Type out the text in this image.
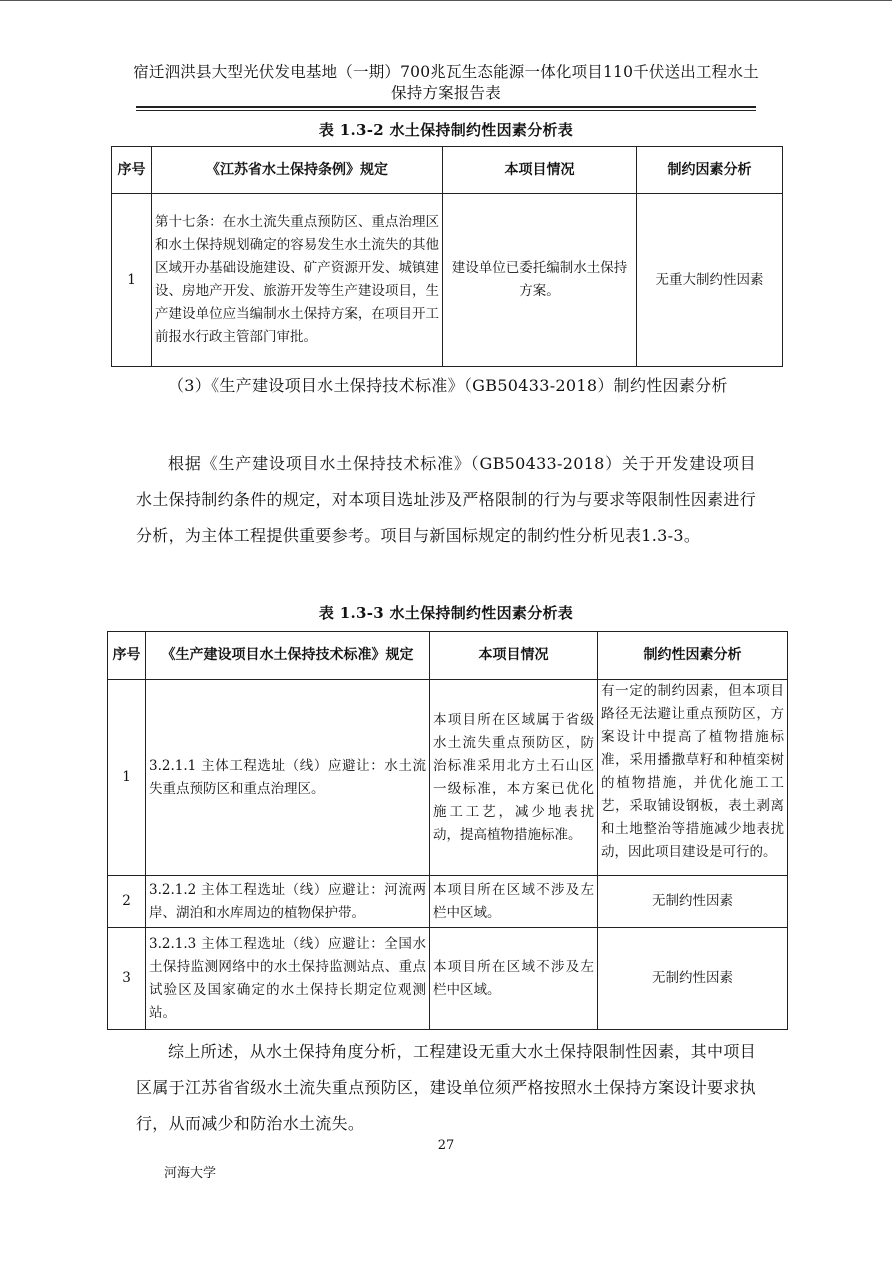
宿迁泗洪县大型光伏发电基地（一期）700兆瓦生态能源一体化项目110千伏送出工程水土
保持方案报告表
表 1.3-2 水土保持制约性因素分析表
序号	《江苏省水土保持条例》规定	本项目情况	制约因素分析
1	第十七条：在水土流失重点预防区、重点治理区和水土保持规划确定的容易发生水土流失的其他区域开办基础设施建设、矿产资源开发、城镇建设、房地产开发、旅游开发等生产建设项目，生产建设单位应当编制水土保持方案，在项目开工前报水行政主管部门审批。	建设单位已委托编制水土保持方案。	无重大制约性因素
（3）《生产建设项目水土保持技术标准》（GB50433-2018）制约性因素分析
根据《生产建设项目水土保持技术标准》（GB50433-2018）关于开发建设项目水土保持制约条件的规定，对本项目选址涉及严格限制的行为与要求等限制性因素进行分析，为主体工程提供重要参考。项目与新国标规定的制约性分析见表1.3-3。
表 1.3-3 水土保持制约性因素分析表
序号	《生产建设项目水土保持技术标准》规定	本项目情况	制约性因素分析
1	3.2.1.1 主体工程选址（线）应避让：水土流失重点预防区和重点治理区。	本项目所在区域属于省级水土流失重点预防区，防治标准采用北方土石山区一级标准，本方案已优化施工工艺，减少地表扰动，提高植物措施标准。	有一定的制约因素，但本项目路径无法避让重点预防区，方案设计中提高了植物措施标准，采用播撒草籽和种植栾树的植物措施，并优化施工工艺，采取铺设钢板，表土剥离和土地整治等措施减少地表扰动，因此项目建设是可行的。
2	3.2.1.2 主体工程选址（线）应避让：河流两岸、湖泊和水库周边的植物保护带。	本项目所在区域不涉及左栏中区域。	无制约性因素
3	3.2.1.3 主体工程选址（线）应避让：全国水土保持监测网络中的水土保持监测站点、重点试验区及国家确定的水土保持长期定位观测站。	本项目所在区域不涉及左栏中区域。	无制约性因素
综上所述，从水土保持角度分析，工程建设无重大水土保持限制性因素，其中项目区属于江苏省省级水土流失重点预防区，建设单位须严格按照水土保持方案设计要求执行，从而减少和防治水土流失。
27
河海大学
